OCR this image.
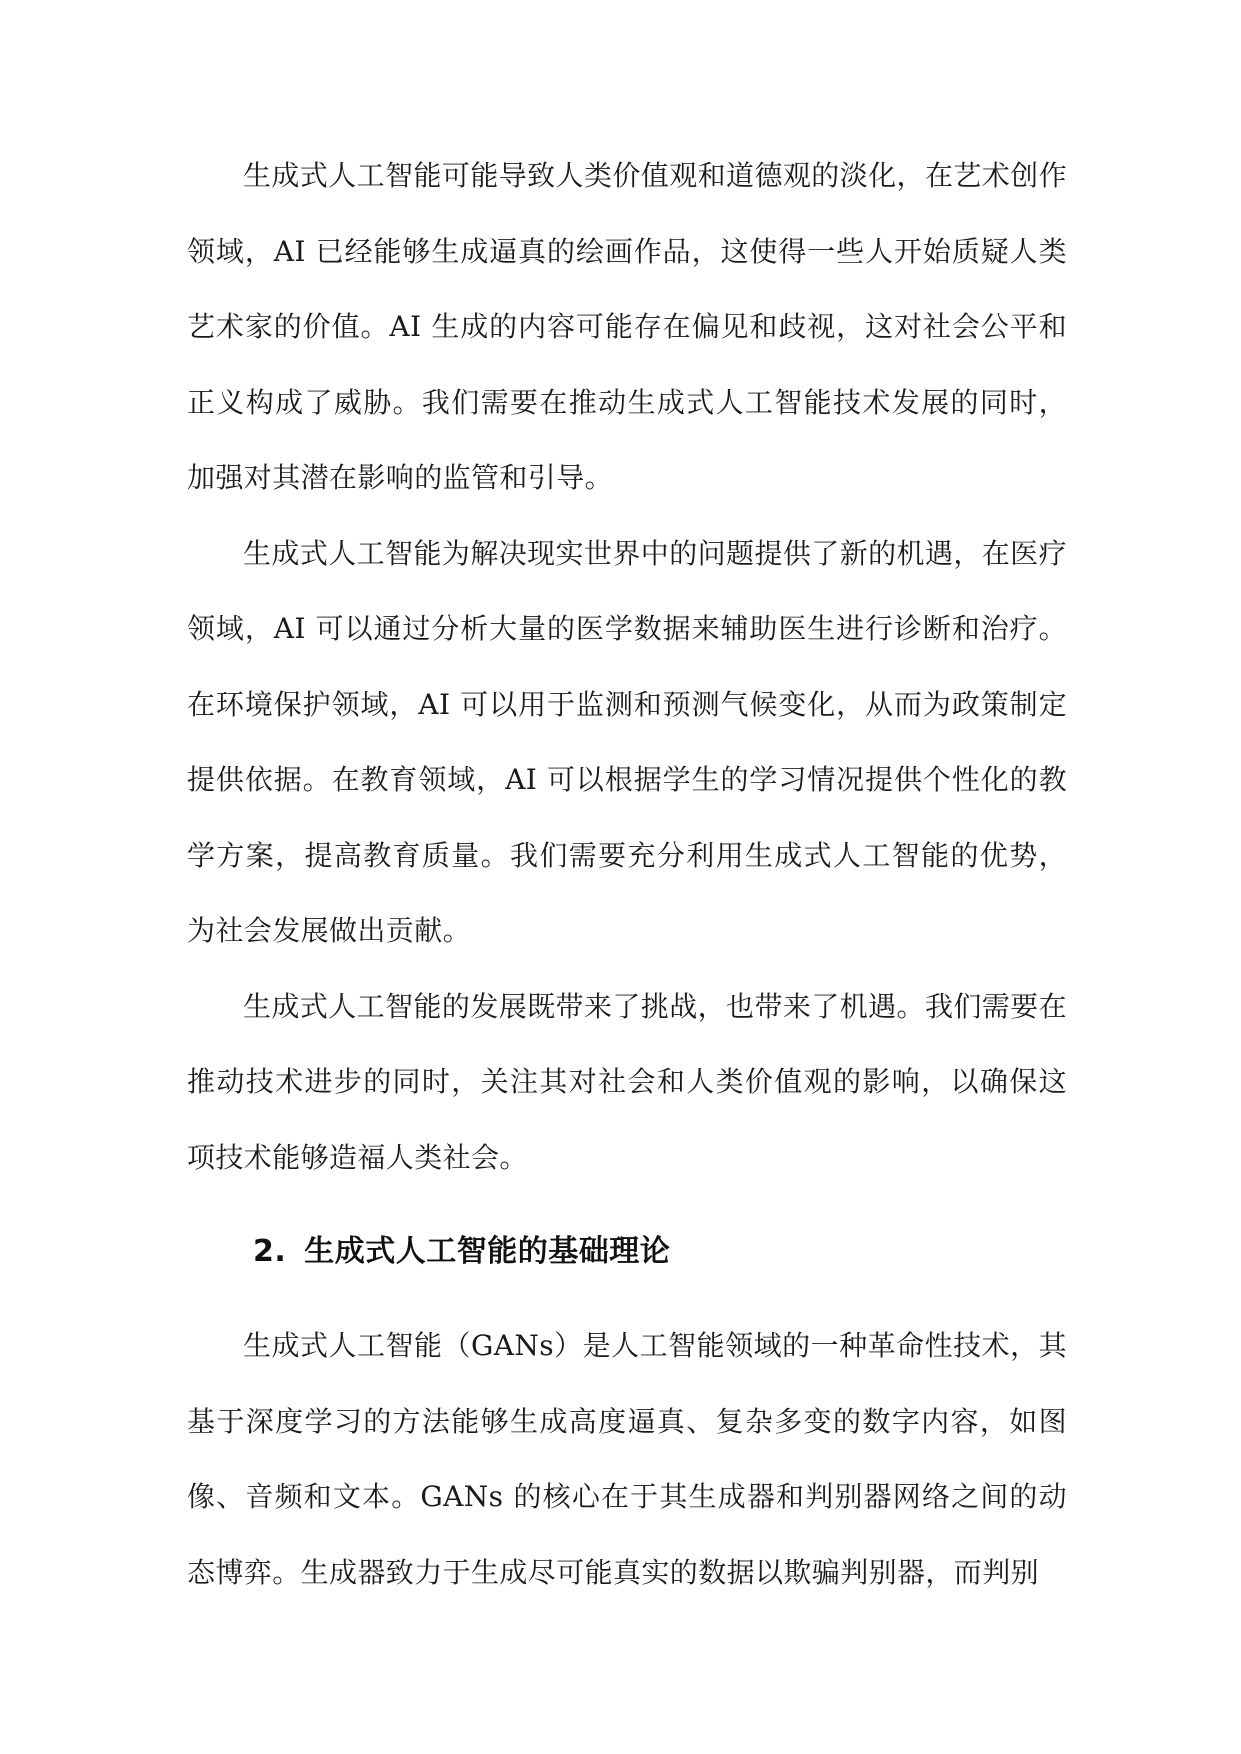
生成式人工智能可能导致人类价值观和道德观的淡化，在艺术创作领域，AI 已经能够生成逼真的绘画作品，这使得一些人开始质疑人类艺术家的价值。AI 生成的内容可能存在偏见和歧视，这对社会公平和正义构成了威胁。我们需要在推动生成式人工智能技术发展的同时，加强对其潜在影响的监管和引导。

生成式人工智能为解决现实世界中的问题提供了新的机遇，在医疗领域，AI 可以通过分析大量的医学数据来辅助医生进行诊断和治疗。在环境保护领域，AI 可以用于监测和预测气候变化，从而为政策制定提供依据。在教育领域，AI 可以根据学生的学习情况提供个性化的教学方案，提高教育质量。我们需要充分利用生成式人工智能的优势，为社会发展做出贡献。

生成式人工智能的发展既带来了挑战，也带来了机遇。我们需要在推动技术进步的同时，关注其对社会和人类价值观的影响，以确保这项技术能够造福人类社会。

2. 生成式人工智能的基础理论

生成式人工智能（GANs）是人工智能领域的一种革命性技术，其基于深度学习的方法能够生成高度逼真、复杂多变的数字内容，如图像、音频和文本。GANs 的核心在于其生成器和判别器网络之间的动态博弈。生成器致力于生成尽可能真实的数据以欺骗判别器，而判别
